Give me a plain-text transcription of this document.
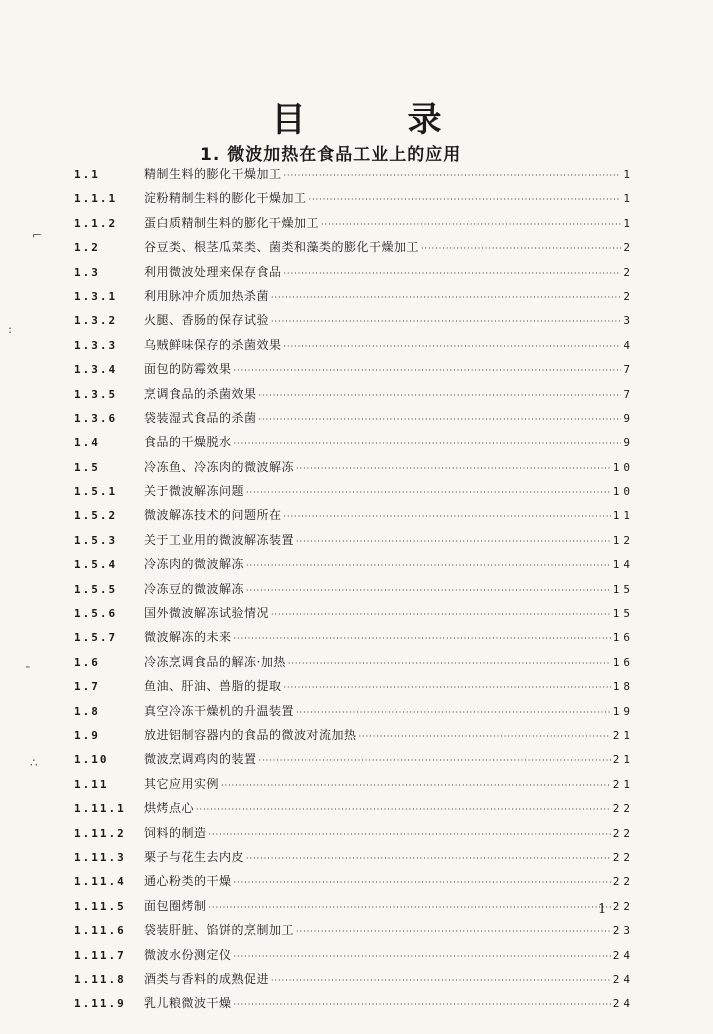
目　录
1. 微波加热在食品工业上的应用
1.1	精制生料的膨化干燥加工 ·····	1
1.1.1	淀粉精制生料的膨化干燥加工 ·····	1
1.1.2	蛋白质精制生料的膨化干燥加工 ·····	1
1.2	谷豆类、根茎瓜菜类、菌类和藻类的膨化干燥加工 ·····	2
1.3	利用微波处理来保存食品 ·····	2
1.3.1	利用脉冲介质加热杀菌 ·····	2
1.3.2	火腿、香肠的保存试验 ·····	3
1.3.3	乌贼鲜味保存的杀菌效果 ·····	4
1.3.4	面包的防霉效果 ·····	7
1.3.5	烹调食品的杀菌效果 ·····	7
1.3.6	袋装湿式食品的杀菌 ·····	9
1.4	食品的干燥脱水 ·····	9
1.5	冷冻鱼、冷冻肉的微波解冻 ·····	10
1.5.1	关于微波解冻问题 ·····	10
1.5.2	微波解冻技术的问题所在 ·····	11
1.5.3	关于工业用的微波解冻装置 ·····	12
1.5.4	冷冻肉的微波解冻 ·····	14
1.5.5	冷冻豆的微波解冻 ·····	15
1.5.6	国外微波解冻试验情况 ·····	15
1.5.7	微波解冻的未来 ·····	16
1.6	冷冻烹调食品的解冻·加热 ·····	16
1.7	鱼油、肝油、兽脂的提取 ·····	18
1.8	真空冷冻干燥机的升温装置 ·····	19
1.9	放进铝制容器内的食品的微波对流加热 ·····	21
1.10	微波烹调鸡肉的装置 ·····	21
1.11	其它应用实例 ·····	21
1.11.1	烘烤点心 ·····	22
1.11.2	饲料的制造 ·····	22
1.11.3	栗子与花生去内皮 ·····	22
1.11.4	通心粉类的干燥 ·····	22
1.11.5	面包圈烤制 ·····	22
1.11.6	袋装肝脏、馅饼的烹制加工 ·····	23
1.11.7	微波水份测定仪 ·····	24
1.11.8	酒类与香料的成熟促进 ·····	24
1.11.9	乳儿粮微波干燥 ·····	24
1
⌐
:
╴
∴
